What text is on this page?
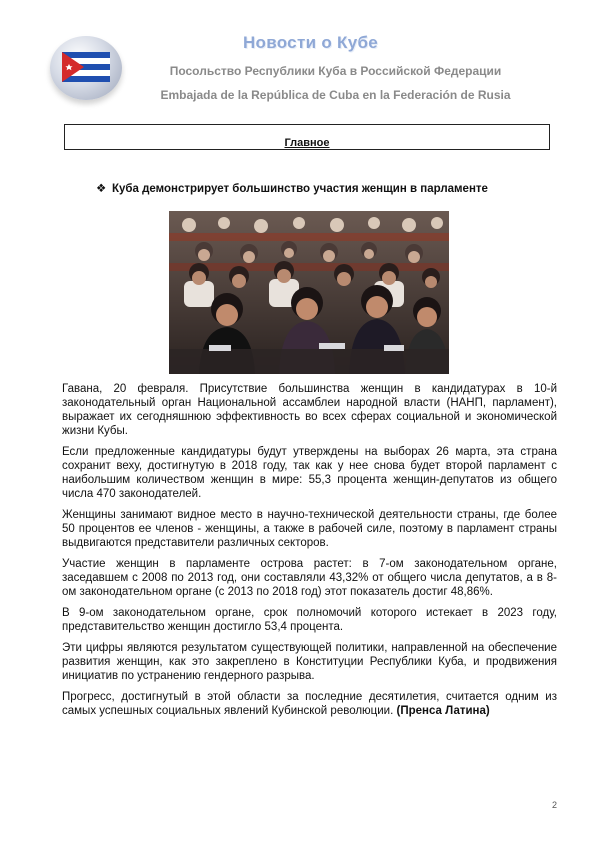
Новости о Кубе
Посольство Республики Куба в Российской Федерации
Embajada de la República de Cuba en la Federación de Rusia
Главное
❖ Куба демонстрирует большинство участия женщин в парламенте

Гавана, 20 февраля. Присутствие большинства женщин в кандидатурах в 10-й законодательный орган Национальной ассамблеи народной власти (НАНП, парламент), выражает их сегодняшнюю эффективность во всех сферах социальной и экономической жизни Кубы.

Если предложенные кандидатуры будут утверждены на выборах 26 марта, эта страна сохранит веху, достигнутую в 2018 году, так как у нее снова будет второй парламент с наибольшим количеством женщин в мире: 55,3 процента женщин-депутатов из общего числа 470 законодателей.

Женщины занимают видное место в научно-технической деятельности страны, где более 50 процентов ее членов - женщины, а также в рабочей силе, поэтому в парламент страны выдвигаются представители различных секторов.

Участие женщин в парламенте острова растет: в 7-ом законодательном органе, заседавшем с 2008 по 2013 год, они составляли 43,32% от общего числа депутатов, а в 8-ом законодательном органе (с 2013 по 2018 год) этот показатель достиг 48,86%.

В 9-ом законодательном органе, срок полномочий которого истекает в 2023 году, представительство женщин достигло 53,4 процента.

Эти цифры являются результатом существующей политики, направленной на обеспечение развития женщин, как это закреплено в Конституции Республики Куба, и продвижения инициатив по устранению гендерного разрыва.

Прогресс, достигнутый в этой области за последние десятилетия, считается одним из самых успешных социальных явлений Кубинской революции. (Пренса Латина)

2
